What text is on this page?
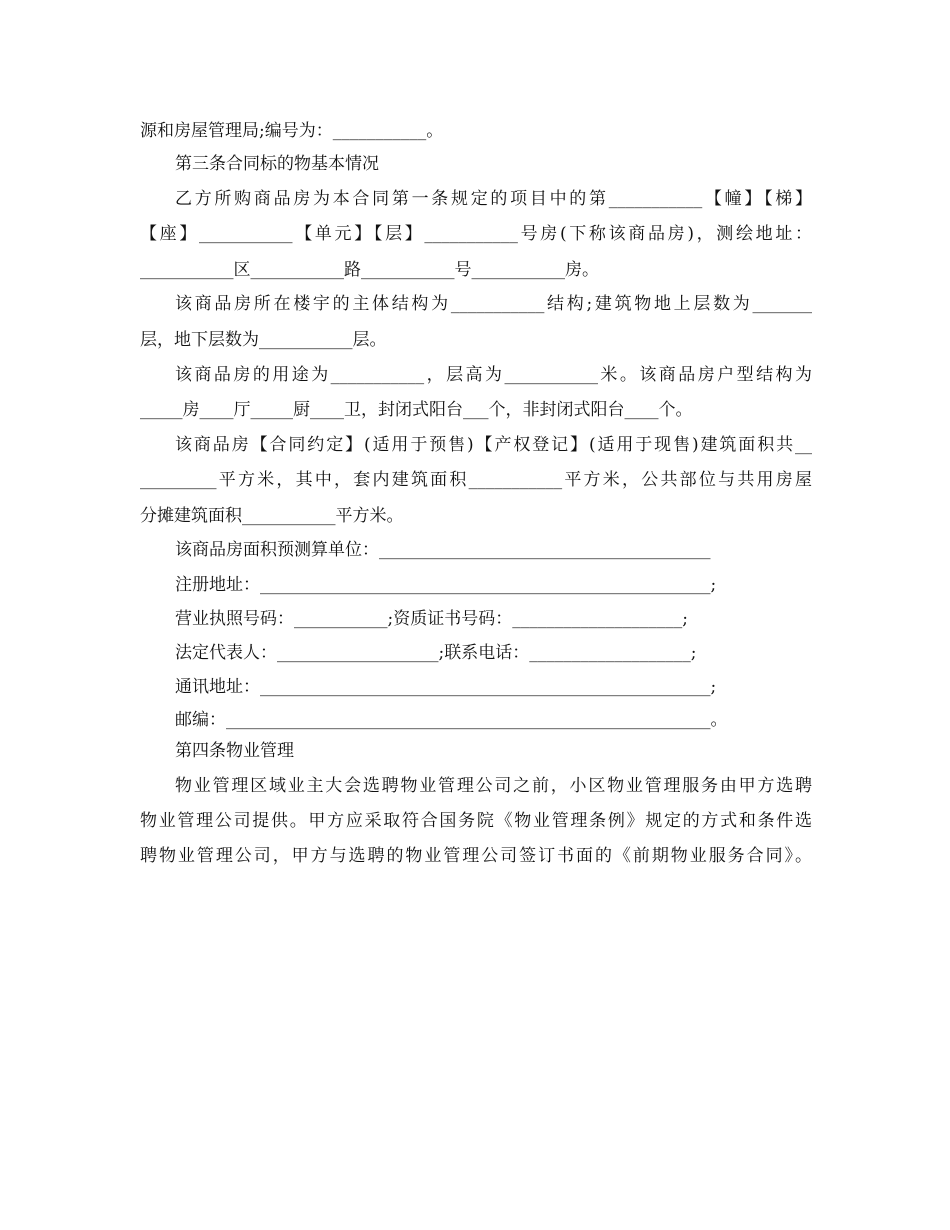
源和房屋管理局;编号为：___________。
第三条合同标的物基本情况
乙方所购商品房为本合同第一条规定的项目中的第___________【幢】【梯】
【座】___________【单元】【层】___________号房(下称该商品房)，测绘地址：
___________区___________路___________号___________房。
该商品房所在楼宇的主体结构为___________结构;建筑物地上层数为_______
层，地下层数为___________层。
该商品房的用途为___________，层高为___________米。该商品房户型结构为
_____房____厅_____厨____卫，封闭式阳台___个，非封闭式阳台____个。
该商品房【合同约定】(适用于预售)【产权登记】(适用于现售)建筑面积共__
_________平方米，其中，套内建筑面积___________平方米，公共部位与共用房屋
分摊建筑面积___________平方米。
该商品房面积预测算单位：_______________________________________
注册地址：_____________________________________________________;
营业执照号码：___________;资质证书号码：____________________;
法定代表人：___________________;联系电话：___________________;
通讯地址：_____________________________________________________;
邮编：_________________________________________________________。
第四条物业管理
物业管理区域业主大会选聘物业管理公司之前，小区物业管理服务由甲方选聘
物业管理公司提供。甲方应采取符合国务院《物业管理条例》规定的方式和条件选
聘物业管理公司，甲方与选聘的物业管理公司签订书面的《前期物业服务合同》。
